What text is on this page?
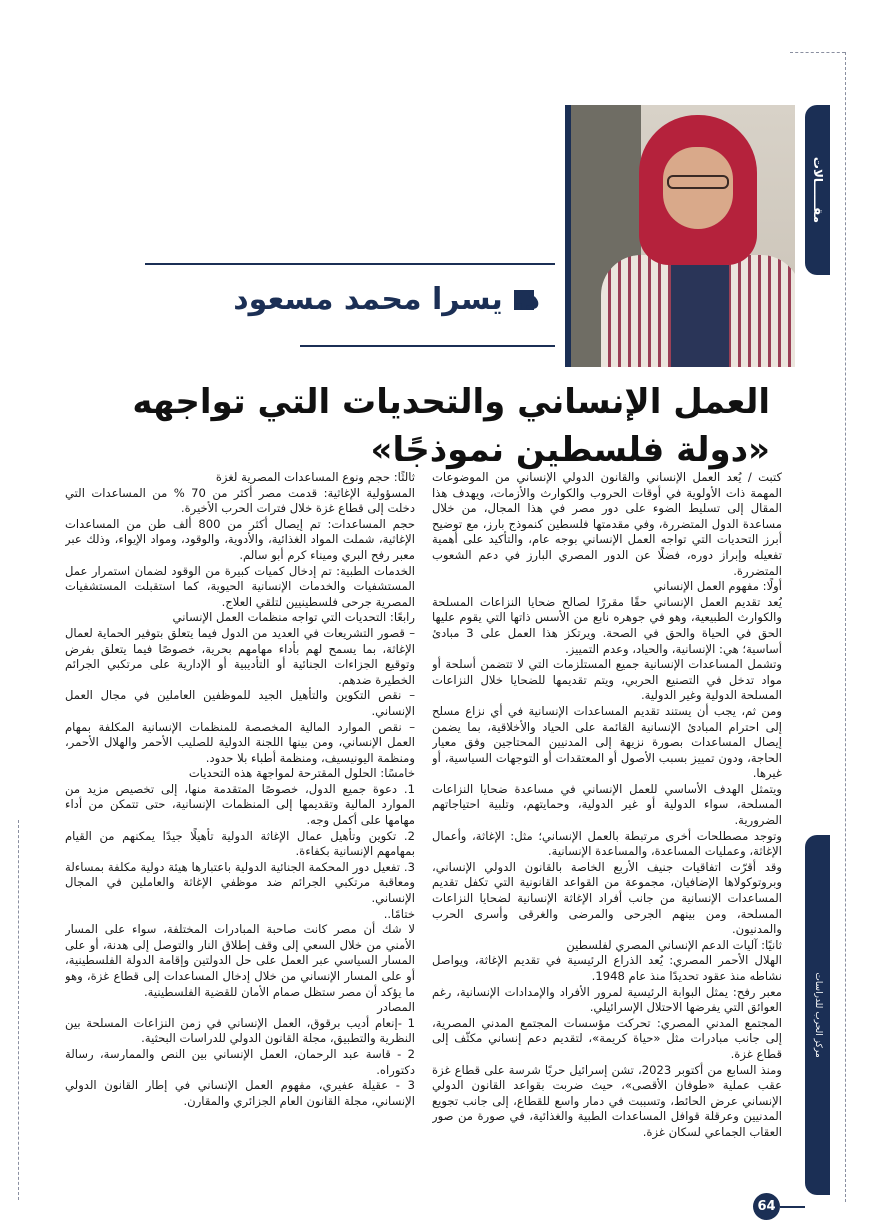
مقــــــالات
مركز الحرب للدراسات
د. يسرا محمد مسعود
العمل الإنساني والتحديات التي تواجهه
«دولة فلسطين نموذجًا»

كتبت / يُعد العمل الإنساني والقانون الدولي الإنساني من الموضوعات المهمة ذات الأولوية في أوقات الحروب والكوارث والأزمات، ويهدف هذا المقال إلى تسليط الضوء على دور مصر في هذا المجال، من خلال مساعدة الدول المتضررة، وفي مقدمتها فلسطين كنموذج بارز، مع توضيح أبرز التحديات التي تواجه العمل الإنساني بوجه عام، والتأكيد على أهمية تفعيله وإبراز دوره، فضلًا عن الدور المصري البارز في دعم الشعوب المتضررة.

أولًا: مفهوم العمل الإنساني

يُعد تقديم العمل الإنساني حقًا مقررًا لصالح ضحايا النزاعات المسلحة والكوارث الطبيعية، وهو في جوهره نابع من الأسس ذاتها التي يقوم عليها الحق في الحياة والحق في الصحة. ويرتكز هذا العمل على 3 مبادئ أساسية؛ هي: الإنسانية، والحياد، وعدم التمييز.

وتشمل المساعدات الإنسانية جميع المستلزمات التي لا تتضمن أسلحة أو مواد تدخل في التصنيع الحربي، ويتم تقديمها للضحايا خلال النزاعات المسلحة الدولية وغير الدولية.

ومن ثم، يجب أن يستند تقديم المساعدات الإنسانية في أي نزاع مسلح إلى احترام المبادئ الإنسانية القائمة على الحياد والأخلاقية، بما يضمن إيصال المساعدات بصورة نزيهة إلى المدنيين المحتاجين وفق معيار الحاجة، ودون تمييز بسبب الأصول أو المعتقدات أو التوجهات السياسية، أو غيرها.

ويتمثل الهدف الأساسي للعمل الإنساني في مساعدة ضحايا النزاعات المسلحة، سواء الدولية أو غير الدولية، وحمايتهم، وتلبية احتياجاتهم الضرورية.

وتوجد مصطلحات أخرى مرتبطة بالعمل الإنساني؛ مثل: الإغاثة، وأعمال الإغاثة، وعمليات المساعدة، والمساعدة الإنسانية.

وقد أقرّت اتفاقيات جنيف الأربع الخاصة بالقانون الدولي الإنساني، وبروتوكولاها الإضافيان، مجموعة من القواعد القانونية التي تكفل تقديم المساعدات الإنسانية من جانب أفراد الإغاثة الإنسانية لضحايا النزاعات المسلحة، ومن بينهم الجرحى والمرضى والغرقى وأسرى الحرب والمدنيون.

ثانيًا: آليات الدعم الإنساني المصري لفلسطين

الهلال الأحمر المصري: يُعد الذراع الرئيسية في تقديم الإغاثة، ويواصل نشاطه منذ عقود تحديدًا منذ عام 1948.

معبر رفح: يمثل البوابة الرئيسية لمرور الأفراد والإمدادات الإنسانية، رغم العوائق التي يفرضها الاحتلال الإسرائيلي.

المجتمع المدني المصري: تحركت مؤسسات المجتمع المدني المصرية، إلى جانب مبادرات مثل «حياة كريمة»، لتقديم دعم إنساني مكثّف إلى قطاع غزة.

ومنذ السابع من أكتوبر 2023، تشن إسرائيل حربًا شرسة على قطاع غزة عقب عملية «طوفان الأقصى»، حيث ضربت بقواعد القانون الدولي الإنساني عرض الحائط، وتسببت في دمار واسع للقطاع، إلى جانب تجويع المدنيين وعرقلة قوافل المساعدات الطبية والغذائية، في صورة من صور العقاب الجماعي لسكان غزة.

ثالثًا: حجم ونوع المساعدات المصرية لغزة

المسؤولية الإغاثية: قدمت مصر أكثر من 70 % من المساعدات التي دخلت إلى قطاع غزة خلال فترات الحرب الأخيرة.

حجم المساعدات: تم إيصال أكثر من 800 ألف طن من المساعدات الإغاثية، شملت المواد الغذائية، والأدوية، والوقود، ومواد الإيواء، وذلك عبر معبر رفح البري وميناء كرم أبو سالم.

الخدمات الطبية: تم إدخال كميات كبيرة من الوقود لضمان استمرار عمل المستشفيات والخدمات الإنسانية الحيوية، كما استقبلت المستشفيات المصرية جرحى فلسطينيين لتلقي العلاج.

رابعًا: التحديات التي تواجه منظمات العمل الإنساني

– قصور التشريعات في العديد من الدول فيما يتعلق بتوفير الحماية لعمال الإغاثة، بما يسمح لهم بأداء مهامهم بحرية، خصوصًا فيما يتعلق بفرض وتوقيع الجزاءات الجنائية أو التأديبية أو الإدارية على مرتكبي الجرائم الخطيرة ضدهم.

– نقص التكوين والتأهيل الجيد للموظفين العاملين في مجال العمل الإنساني.

– نقص الموارد المالية المخصصة للمنظمات الإنسانية المكلفة بمهام العمل الإنساني، ومن بينها اللجنة الدولية للصليب الأحمر والهلال الأحمر، ومنظمة اليونيسيف، ومنظمة أطباء بلا حدود.

خامسًا: الحلول المقترحة لمواجهة هذه التحديات

1. دعوة جميع الدول، خصوصًا المتقدمة منها، إلى تخصيص مزيد من الموارد المالية وتقديمها إلى المنظمات الإنسانية، حتى تتمكن من أداء مهامها على أكمل وجه.

2. تكوين وتأهيل عمال الإغاثة الدولية تأهيلًا جيدًا يمكنهم من القيام بمهامهم الإنسانية بكفاءة.

3. تفعيل دور المحكمة الجنائية الدولية باعتبارها هيئة دولية مكلفة بمساءلة ومعاقبة مرتكبي الجرائم ضد موظفي الإغاثة والعاملين في المجال الإنساني.

ختامًا..

لا شك أن مصر كانت صاحبة المبادرات المختلفة، سواء على المسار الأمني من خلال السعي إلى وقف إطلاق النار والتوصل إلى هدنة، أو على المسار السياسي عبر العمل على حل الدولتين وإقامة الدولة الفلسطينية، أو على المسار الإنساني من خلال إدخال المساعدات إلى قطاع غزة، وهو ما يؤكد أن مصر ستظل صمام الأمان للقضية الفلسطينية.

المصادر

1 -إنعام أديب برقوق، العمل الإنساني في زمن النزاعات المسلحة بين النظرية والتطبيق، مجلة القانون الدولي للدراسات البحثية.

2 - قاسة عبد الرحمان، العمل الإنساني بين النص والممارسة، رسالة دكتوراه.

3 - عقيلة عفيري، مفهوم العمل الإنساني في إطار القانون الدولي الإنساني، مجلة القانون العام الجزائري والمقارن.

64
